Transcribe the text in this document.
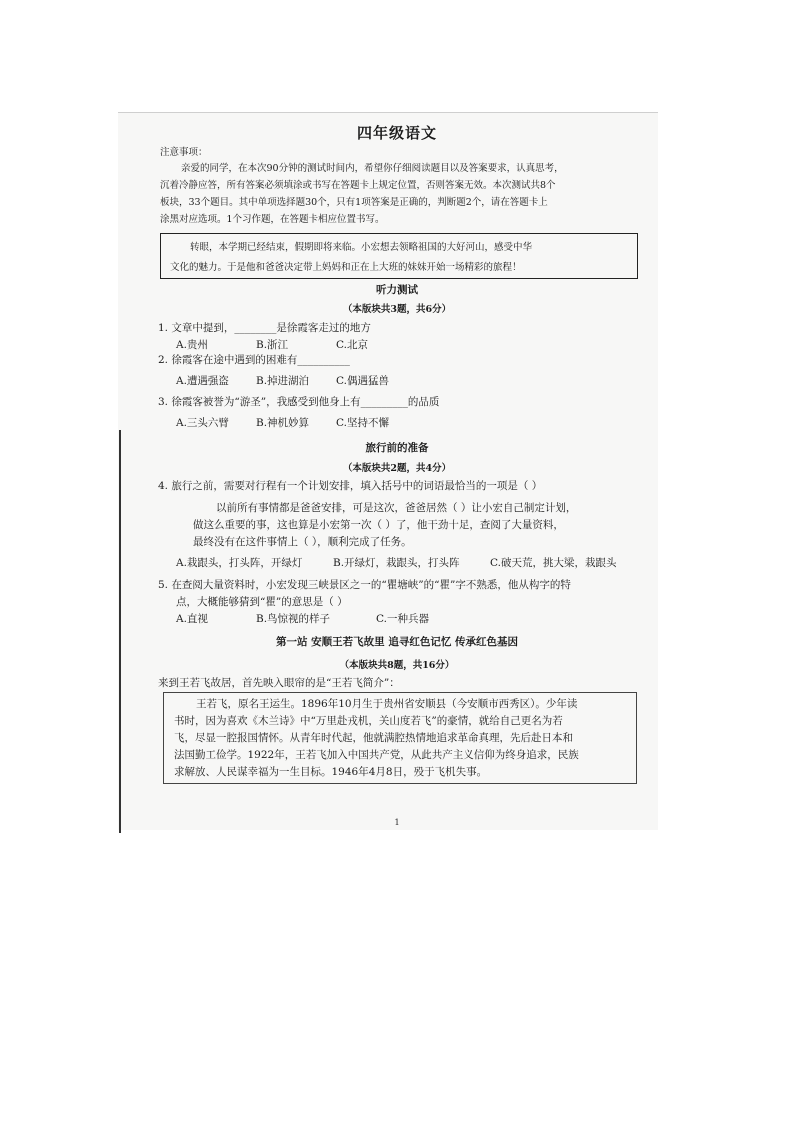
四年级语文
注意事项：
亲爱的同学，在本次90分钟的测试时间内，希望你仔细阅读题目以及答案要求，认真思考，
沉着冷静应答，所有答案必须填涂或书写在答题卡上规定位置，否则答案无效。本次测试共8个
板块，33个题目。其中单项选择题30个，只有1项答案是正确的，判断题2个，请在答题卡上
涂黑对应选项。1个习作题，在答题卡相应位置书写。
转眼，本学期已经结束，假期即将来临。小宏想去领略祖国的大好河山，感受中华
文化的魅力。于是他和爸爸决定带上妈妈和正在上大班的妹妹开始一场精彩的旅程！
听力测试
（本版块共3题，共6分）
1. 文章中提到，________是徐霞客走过的地方
A.贵州	B.浙江	C.北京
2. 徐霞客在途中遇到的困难有__________
A.遭遇强盗	B.掉进湖泊	C.偶遇猛兽
3. 徐霞客被誉为“游圣”，我感受到他身上有_________的品质
A.三头六臂	B.神机妙算	C.坚持不懈
旅行前的准备
（本版块共2题，共4分）
4. 旅行之前，需要对行程有一个计划安排，填入括号中的词语最恰当的一项是（ ）
以前所有事情都是爸爸安排，可是这次，爸爸居然（ ）让小宏自己制定计划，
做这么重要的事，这也算是小宏第一次（ ）了，他干劲十足，查阅了大量资料，
最终没有在这件事情上（ ），顺利完成了任务。
A.栽跟头，打头阵，开绿灯	B.开绿灯，栽跟头，打头阵	C.破天荒，挑大梁，栽跟头
5. 在查阅大量资料时，小宏发现三峡景区之一的“瞿塘峡”的“瞿”字不熟悉，他从构字的特
点，大概能够猜到“瞿”的意思是（ ）
A.直视	B.鸟惊视的样子	C.一种兵器
第一站 安顺王若飞故里 追寻红色记忆 传承红色基因
（本版块共8题，共16分）
来到王若飞故居，首先映入眼帘的是“王若飞简介”：
王若飞，原名王运生。1896年10月生于贵州省安顺县（今安顺市西秀区）。少年读
书时，因为喜欢《木兰诗》中“万里赴戎机，关山度若飞”的豪情，就给自己更名为若
飞，尽显一腔报国情怀。从青年时代起，他就满腔热情地追求革命真理，先后赴日本和
法国勤工俭学。1922年，王若飞加入中国共产党，从此共产主义信仰为终身追求，民族
求解放、人民谋幸福为一生目标。1946年4月8日，殁于飞机失事。
1
